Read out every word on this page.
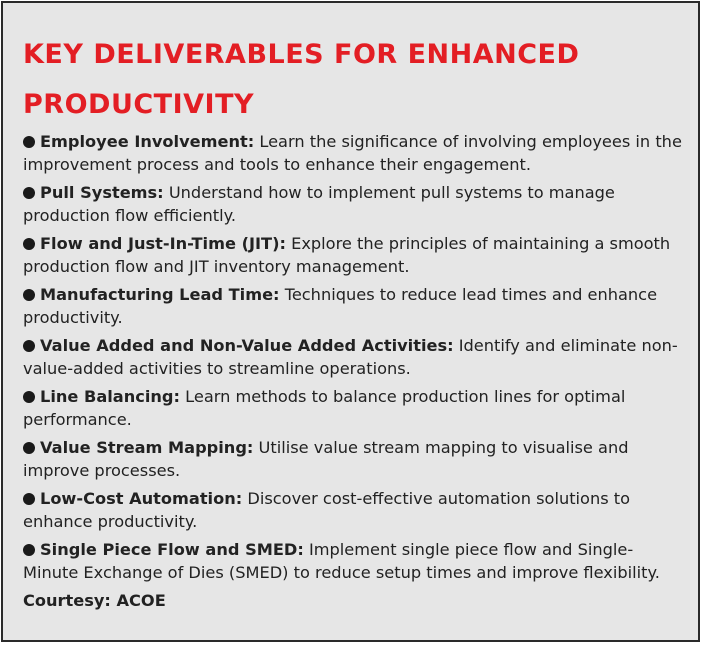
KEY DELIVERABLES FOR ENHANCED
PRODUCTIVITY
Employee Involvement: Learn the significance of involving employees in the improvement process and tools to enhance their engagement.
Pull Systems: Understand how to implement pull systems to manage production flow efficiently.
Flow and Just-In-Time (JIT): Explore the principles of maintaining a smooth production flow and JIT inventory management.
Manufacturing Lead Time: Techniques to reduce lead times and enhance productivity.
Value Added and Non-Value Added Activities: Identify and eliminate non-value-added activities to streamline operations.
Line Balancing: Learn methods to balance production lines for optimal performance.
Value Stream Mapping: Utilise value stream mapping to visualise and improve processes.
Low-Cost Automation: Discover cost-effective automation solutions to enhance productivity.
Single Piece Flow and SMED: Implement single piece flow and Single-Minute Exchange of Dies (SMED) to reduce setup times and improve flexibility.

Courtesy: ACOE
